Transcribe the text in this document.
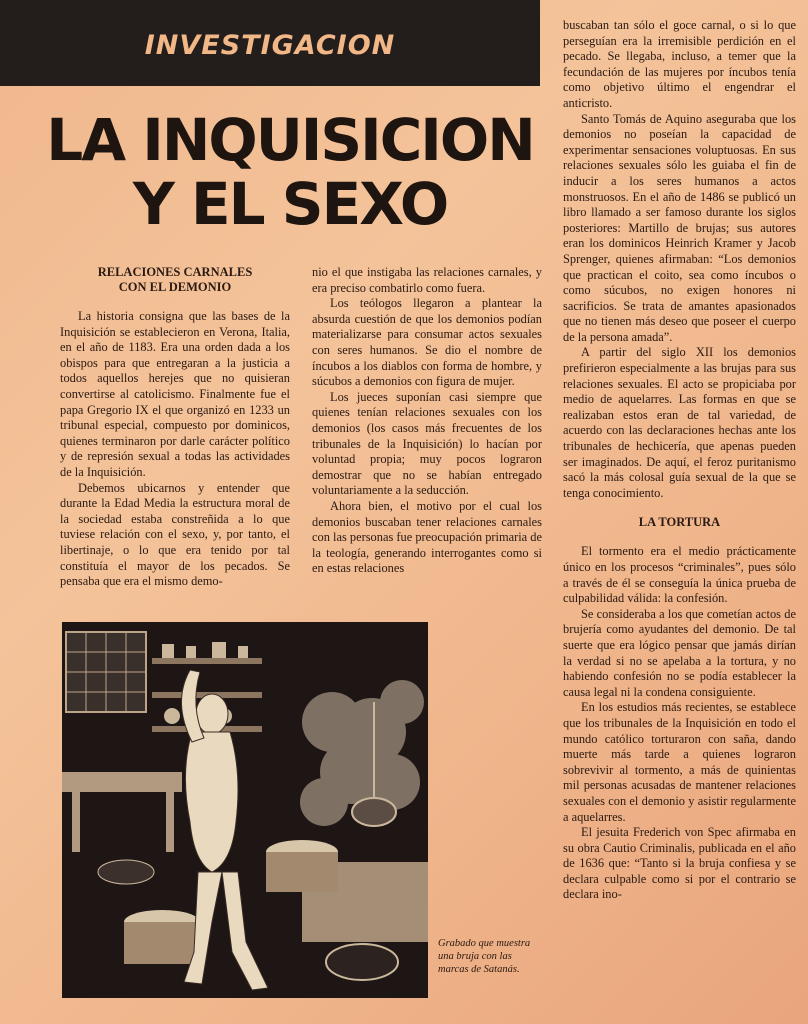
INVESTIGACION
LA INQUISICION
Y EL SEXO
RELACIONES CARNALES
CON EL DEMONIO

La historia consigna que las bases de la Inquisición se establecieron en Verona, Italia, en el año de 1183. Era una orden dada a los obispos para que entregaran a la justicia a todos aquellos herejes que no quisieran convertirse al catolicismo. Finalmente fue el papa Gregorio IX el que organizó en 1233 un tribunal especial, compuesto por dominicos, quienes terminaron por darle carácter político y de represión sexual a todas las actividades de la Inquisición.

Debemos ubicarnos y entender que durante la Edad Media la estructura moral de la sociedad estaba constreñida a lo que tuviese relación con el sexo, y, por tanto, el libertinaje, o lo que era tenido por tal constituía el mayor de los pecados. Se pensaba que era el mismo demo-

nio el que instigaba las relaciones carnales, y era preciso combatirlo como fuera.

Los teólogos llegaron a plantear la absurda cuestión de que los demonios podían materializarse para consumar actos sexuales con seres humanos. Se dio el nombre de íncubos a los diablos con forma de hombre, y súcubos a demonios con figura de mujer.

Los jueces suponían casi siempre que quienes tenían relaciones sexuales con los demonios (los casos más frecuentes de los tribunales de la Inquisición) lo hacían por voluntad propia; muy pocos lograron demostrar que no se habían entregado voluntariamente a la seducción.

Ahora bien, el motivo por el cual los demonios buscaban tener relaciones carnales con las personas fue preocupación primaria de la teología, generando interrogantes como si en estas relaciones

buscaban tan sólo el goce carnal, o si lo que perseguían era la irremisible perdición en el pecado. Se llegaba, incluso, a temer que la fecundación de las mujeres por íncubos tenía como objetivo último el engendrar el anticristo.

Santo Tomás de Aquino aseguraba que los demonios no poseían la capacidad de experimentar sensaciones voluptuosas. En sus relaciones sexuales sólo les guiaba el fin de inducir a los seres humanos a actos monstruosos. En el año de 1486 se publicó un libro llamado a ser famoso durante los siglos posteriores: Martillo de brujas; sus autores eran los dominicos Heinrich Kramer y Jacob Sprenger, quienes afirmaban: “Los demonios que practican el coito, sea como íncubos o como súcubos, no exigen honores ni sacrificios. Se trata de amantes apasionados que no tienen más deseo que poseer el cuerpo de la persona amada”.

A partir del siglo XII los demonios prefirieron especialmente a las brujas para sus relaciones sexuales. El acto se propiciaba por medio de aquelarres. Las formas en que se realizaban estos eran de tal variedad, de acuerdo con las declaraciones hechas ante los tribunales de hechicería, que apenas pueden ser imaginados. De aquí, el feroz puritanismo sacó la más colosal guía sexual de la que se tenga conocimiento.

LA TORTURA

El tormento era el medio prácticamente único en los procesos “criminales”, pues sólo a través de él se conseguía la única prueba de culpabilidad válida: la confesión.

Se consideraba a los que cometían actos de brujería como ayudantes del demonio. De tal suerte que era lógico pensar que jamás dirían la verdad si no se apelaba a la tortura, y no habiendo confesión no se podía establecer la causa legal ni la condena consiguiente.

En los estudios más recientes, se establece que los tribunales de la Inquisición en todo el mundo católico torturaron con saña, dando muerte más tarde a quienes lograron sobrevivir al tormento, a más de quinientas mil personas acusadas de mantener relaciones sexuales con el demonio y asistir regularmente a aquelarres.

El jesuita Frederich von Spec afirmaba en su obra Cautio Criminalis, publicada en el año de 1636 que: “Tanto si la bruja confiesa y se declara culpable como si por el contrario se declara ino-

Grabado que muestra una bruja con las marcas de Satanás.
